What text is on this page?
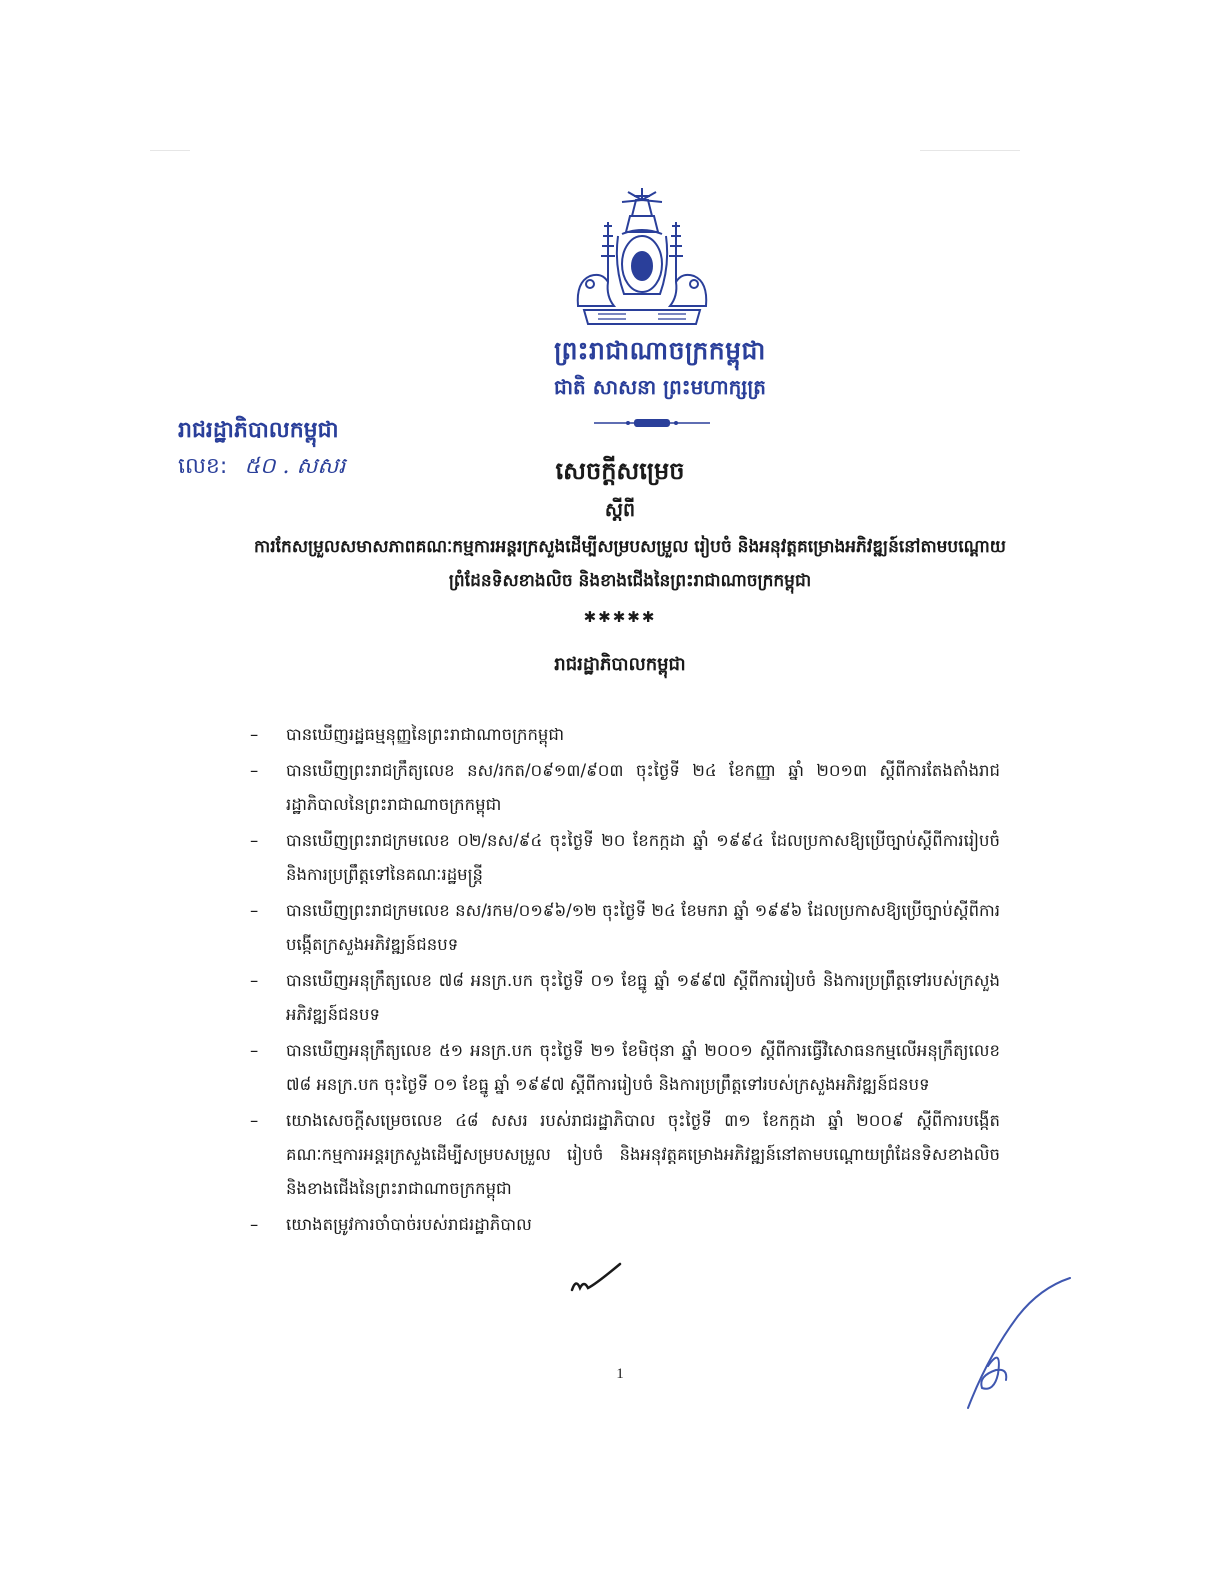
ព្រះរាជាណាចក្រកម្ពុជា
ជាតិ សាសនា ព្រះមហាក្សត្រ
រាជរដ្ឋាភិបាលកម្ពុជា
លេខ: ៥០ . សសរ	សេចក្តីសម្រេច
ស្តីពី
ការកែសម្រួលសមាសភាពគណៈកម្មការអន្តរក្រសួងដើម្បីសម្របសម្រួល រៀបចំ និងអនុវត្តគម្រោងអភិវឌ្ឍន៍នៅតាមបណ្តោយព្រំដែនទិសខាងលិច និងខាងជើងនៃព្រះរាជាណាចក្រកម្ពុជា
✱✱✱✱✱
រាជរដ្ឋាភិបាលកម្ពុជា
– បានឃើញរដ្ឋធម្មនុញ្ញនៃព្រះរាជាណាចក្រកម្ពុជា
– បានឃើញព្រះរាជក្រឹត្យលេខ នស/រកត/០៩១៣/៩០៣ ចុះថ្ងៃទី ២៤ ខែកញ្ញា ឆ្នាំ ២០១៣ ស្តីពីការតែងតាំងរាជរដ្ឋាភិបាលនៃព្រះរាជាណាចក្រកម្ពុជា
– បានឃើញព្រះរាជក្រមលេខ ០២/នស/៩៤ ចុះថ្ងៃទី ២០ ខែកក្កដា ឆ្នាំ ១៩៩៤ ដែលប្រកាសឱ្យប្រើច្បាប់ស្តីពីការរៀបចំ និងការប្រព្រឹត្តទៅនៃគណៈរដ្ឋមន្ត្រី
– បានឃើញព្រះរាជក្រមលេខ នស/រកម/០១៩៦/១២ ចុះថ្ងៃទី ២៤ ខែមករា ឆ្នាំ ១៩៩៦ ដែលប្រកាសឱ្យប្រើច្បាប់ស្តីពីការបង្កើតក្រសួងអភិវឌ្ឍន៍ជនបទ
– បានឃើញអនុក្រឹត្យលេខ ៧៨ អនក្រ.បក ចុះថ្ងៃទី ០១ ខែធ្នូ ឆ្នាំ ១៩៩៧ ស្តីពីការរៀបចំ និងការប្រព្រឹត្តទៅរបស់ក្រសួងអភិវឌ្ឍន៍ជនបទ
– បានឃើញអនុក្រឹត្យលេខ ៥១ អនក្រ.បក ចុះថ្ងៃទី ២១ ខែមិថុនា ឆ្នាំ ២០០១ ស្តីពីការធ្វើវិសោធនកម្មលើអនុក្រឹត្យលេខ ៧៨ អនក្រ.បក ចុះថ្ងៃទី ០១ ខែធ្នូ ឆ្នាំ ១៩៩៧ ស្តីពីការរៀបចំ និងការប្រព្រឹត្តទៅរបស់ក្រសួងអភិវឌ្ឍន៍ជនបទ
– យោងសេចក្តីសម្រេចលេខ ៤៨ សសរ របស់រាជរដ្ឋាភិបាល ចុះថ្ងៃទី ៣១ ខែកក្កដា ឆ្នាំ ២០០៩ ស្តីពីការបង្កើតគណៈកម្មការអន្តរក្រសួងដើម្បីសម្របសម្រួល រៀបចំ និងអនុវត្តគម្រោងអភិវឌ្ឍន៍នៅតាមបណ្តោយព្រំដែនទិសខាងលិច និងខាងជើងនៃព្រះរាជាណាចក្រកម្ពុជា
– យោងតម្រូវការចាំបាច់របស់រាជរដ្ឋាភិបាល
1
